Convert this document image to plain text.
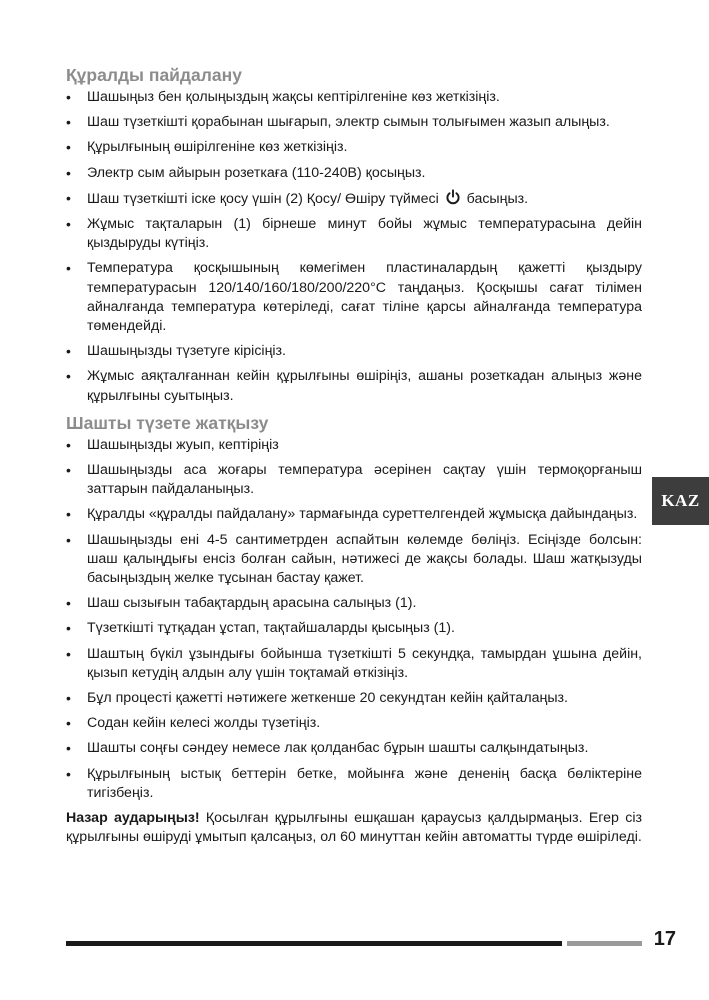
Құралды пайдалану
• Шашыңыз бен қолыңыздың жақсы кептірілгеніне көз жеткізіңіз.
• Шаш түзеткішті қорабынан шығарып, электр сымын толығымен жазып алыңыз.
• Құрылғының өшірілгеніне көз жеткізіңіз.
• Электр сым айырын розеткаға (110-240В) қосыңыз.
• Шаш түзеткішті іске қосу үшін (2) Қосу/ Өшіру түймесі басыңыз.
• Жұмыс тақталарын (1) бірнеше минут бойы жұмыс температурасына дейін қыздыруды күтіңіз.
• Температура қосқышының көмегімен пластиналардың қажетті қыздыру температурасын 120/140/160/180/200/220°C таңдаңыз. Қосқышы сағат тілімен айналғанда температура көтеріледі, сағат тіліне қарсы айналғанда температура төмендейді.
• Шашыңызды түзетуге кірісіңіз.
• Жұмыс аяқталғаннан кейін құрылғыны өшіріңіз, ашаны розеткадан алыңыз және құрылғыны суытыңыз.
Шашты түзете жатқызу
• Шашыңызды жуып, кептіріңіз
• Шашыңызды аса жоғары температура әсерінен сақтау үшін термоқорғаныш заттарын пайдаланыңыз.
• Құралды «құралды пайдалану» тармағында суреттелгендей жұмысқа дайындаңыз.
• Шашыңызды ені 4-5 сантиметрден аспайтын көлемде бөліңіз. Есіңізде болсын: шаш қалыңдығы енсіз болған сайын, нәтижесі де жақсы болады. Шаш жатқызуды басыңыздың желке тұсынан бастау қажет.
• Шаш сызығын табақтардың арасына салыңыз (1).
• Түзеткішті тұтқадан ұстап, тақтайшаларды қысыңыз (1).
• Шаштың бүкіл ұзындығы бойынша түзеткішті 5 секундқа, тамырдан ұшына дейін, қызып кетудің алдын алу үшін тоқтамай өткізіңіз.
• Бұл процесті қажетті нәтижеге жеткенше 20 секундтан кейін қайталаңыз.
• Содан кейін келесі жолды түзетіңіз.
• Шашты соңғы сәндеу немесе лак қолданбас бұрын шашты салқындатыңыз.
• Құрылғының ыстық беттерін бетке, мойынға және дененің басқа бөліктеріне тигізбеңіз.

Назар аударыңыз! Қосылған құрылғыны ешқашан қараусыз қалдырмаңыз. Егер сіз құрылғыны өшіруді ұмытып қалсаңыз, ол 60 минуттан кейін автоматты түрде өшіріледі.

KAZ
17
